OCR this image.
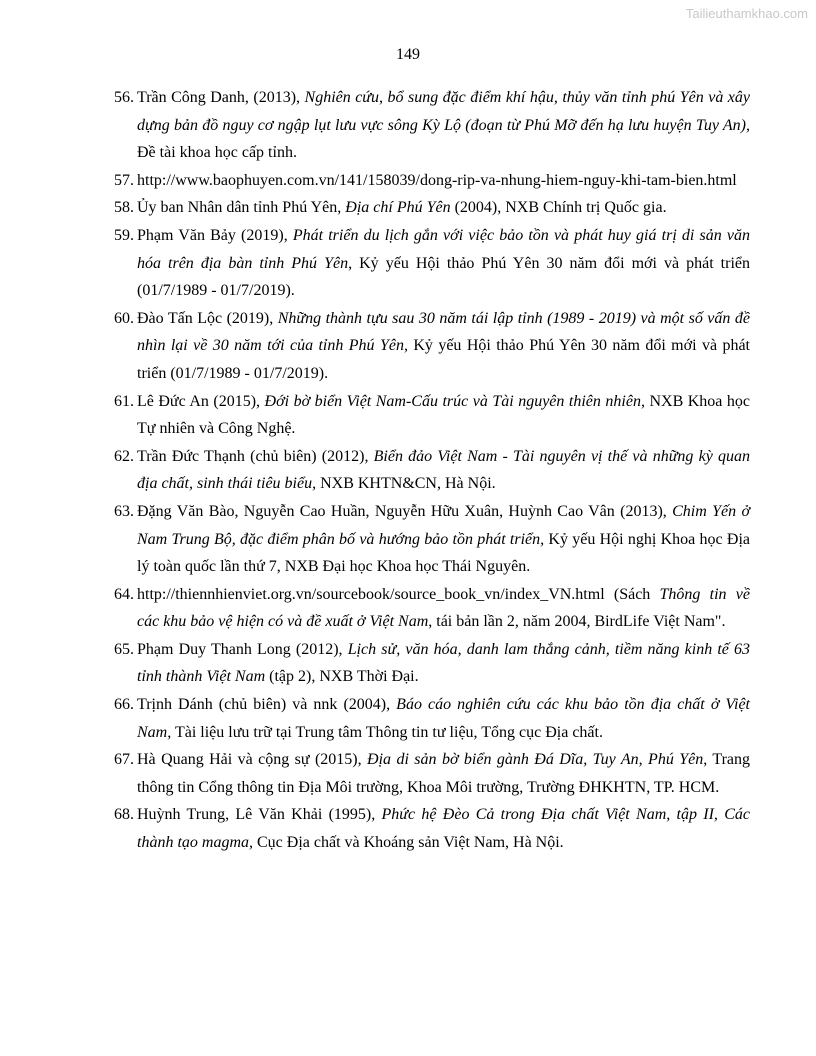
Tailieuthamkhao.com
149
56. Trần Công Danh, (2013), Nghiên cứu, bổ sung đặc điểm khí hậu, thủy văn tỉnh phú Yên và xây dựng bản đồ nguy cơ ngập lụt lưu vực sông Kỳ Lộ (đoạn từ Phú Mỡ đến hạ lưu huyện Tuy An), Đề tài khoa học cấp tỉnh.
57. http://www.baophuyen.com.vn/141/158039/dong-rip-va-nhung-hiem-nguy-khi-tam-bien.html
58. Ủy ban Nhân dân tỉnh Phú Yên, Địa chí Phú Yên (2004), NXB Chính trị Quốc gia.
59. Phạm Văn Bảy (2019), Phát triển du lịch gắn với việc bảo tồn và phát huy giá trị di sản văn hóa trên địa bàn tỉnh Phú Yên, Kỷ yếu Hội thảo Phú Yên 30 năm đổi mới và phát triển (01/7/1989 - 01/7/2019).
60. Đào Tấn Lộc (2019), Những thành tựu sau 30 năm tái lập tỉnh (1989 - 2019) và một số vấn đề nhìn lại về 30 năm tới của tỉnh Phú Yên, Kỷ yếu Hội thảo Phú Yên 30 năm đổi mới và phát triển (01/7/1989 - 01/7/2019).
61. Lê Đức An (2015), Đới bờ biển Việt Nam-Cấu trúc và Tài nguyên thiên nhiên, NXB Khoa học Tự nhiên và Công Nghệ.
62. Trần Đức Thạnh (chủ biên) (2012), Biển đảo Việt Nam - Tài nguyên vị thế và những kỳ quan địa chất, sinh thái tiêu biểu, NXB KHTN&CN, Hà Nội.
63. Đặng Văn Bào, Nguyễn Cao Huần, Nguyễn Hữu Xuân, Huỳnh Cao Vân (2013), Chim Yến ở Nam Trung Bộ, đặc điểm phân bố và hướng bảo tồn phát triển, Kỷ yếu Hội nghị Khoa học Địa lý toàn quốc lần thứ 7, NXB Đại học Khoa học Thái Nguyên.
64. http://thiennhienviet.org.vn/sourcebook/source_book_vn/index_VN.html (Sách Thông tin về các khu bảo vệ hiện có và đề xuất ở Việt Nam, tái bản lần 2, năm 2004, BirdLife Việt Nam".
65. Phạm Duy Thanh Long (2012), Lịch sử, văn hóa, danh lam thắng cảnh, tiềm năng kinh tế 63 tỉnh thành Việt Nam (tập 2), NXB Thời Đại.
66. Trịnh Dánh (chủ biên) và nnk (2004), Báo cáo nghiên cứu các khu bảo tồn địa chất ở Việt Nam, Tài liệu lưu trữ tại Trung tâm Thông tin tư liệu, Tổng cục Địa chất.
67. Hà Quang Hải và cộng sự (2015), Địa di sản bờ biển gành Đá Dĩa, Tuy An, Phú Yên, Trang thông tin Cổng thông tin Địa Môi trường, Khoa Môi trường, Trường ĐHKHTN, TP. HCM.
68. Huỳnh Trung, Lê Văn Khải (1995), Phức hệ Đèo Cả trong Địa chất Việt Nam, tập II, Các thành tạo magma, Cục Địa chất và Khoáng sản Việt Nam, Hà Nội.
